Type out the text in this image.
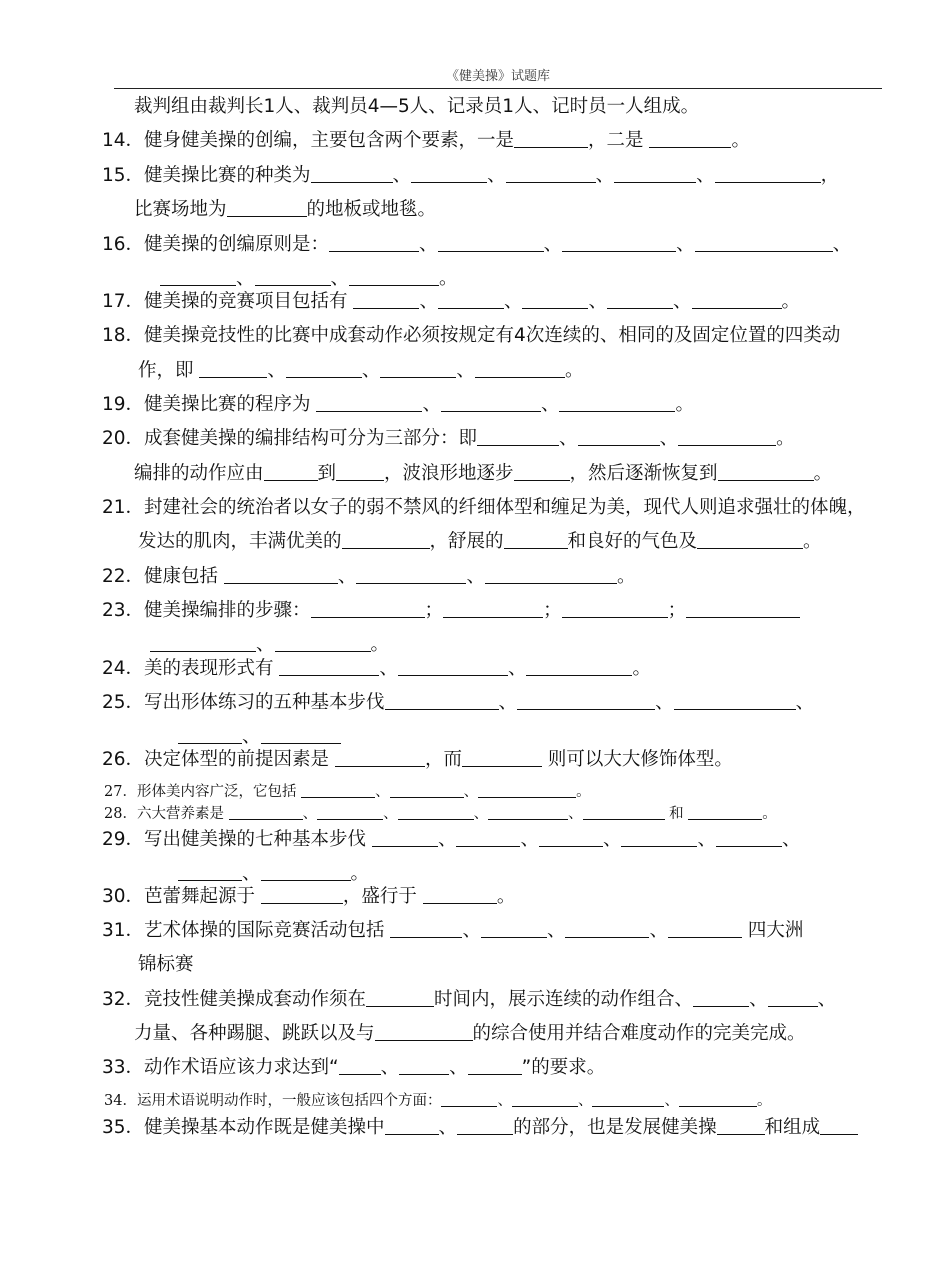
《健美操》试题库
裁判组由裁判长1人、裁判员4—5人、记录员1人、记时员一人组成。
14．健身健美操的创编，主要包含两个要素，一是	，二是	。
15．健美操比赛的种类为	、	、	、	、	，
比赛场地为	的地板或地毯。
16．健美操的创编原则是：	、	、	、	、
、	、	。
17．健美操的竞赛项目包括有	、	、	、	、	。
18．健美操竞技性的比赛中成套动作必须按规定有4次连续的、相同的及固定位置的四类动
作，即	、	、	、	。
19．健美操比赛的程序为	、	、	。
20．成套健美操的编排结构可分为三部分：即	、	、	。
编排的动作应由	到	，波浪形地逐步	，然后逐渐恢复到	。
21．封建社会的统治者以女子的弱不禁风的纤细体型和缠足为美，现代人则追求强壮的体魄，
发达的肌肉，丰满优美的	，舒展的	和良好的气色及	。
22．健康包括	、	、	。
23．健美操编排的步骤：	；	；	；
、	。
24．美的表现形式有	、	、	。
25．写出形体练习的五种基本步伐	、	、	、
、
26．决定体型的前提因素是	，而	则可以大大修饰体型。
27．形体美内容广泛，它包括	、	、	。
28．六大营养素是	、	、	、	、	和	。
29．写出健美操的七种基本步伐	、	、	、	、	、
、	。
30．芭蕾舞起源于	，盛行于	。
31．艺术体操的国际竞赛活动包括	、	、	、	四大洲
锦标赛
32．竞技性健美操成套动作须在	时间内，展示连续的动作组合、	、	、
力量、各种踢腿、跳跃以及与	的综合使用并结合难度动作的完美完成。
33．动作术语应该力求达到“ 、	、	”的要求。
34．运用术语说明动作时，一般应该包括四个方面：	、	、	、	。
35．健美操基本动作既是健美操中	、	的部分，也是发展健美操	和组成
